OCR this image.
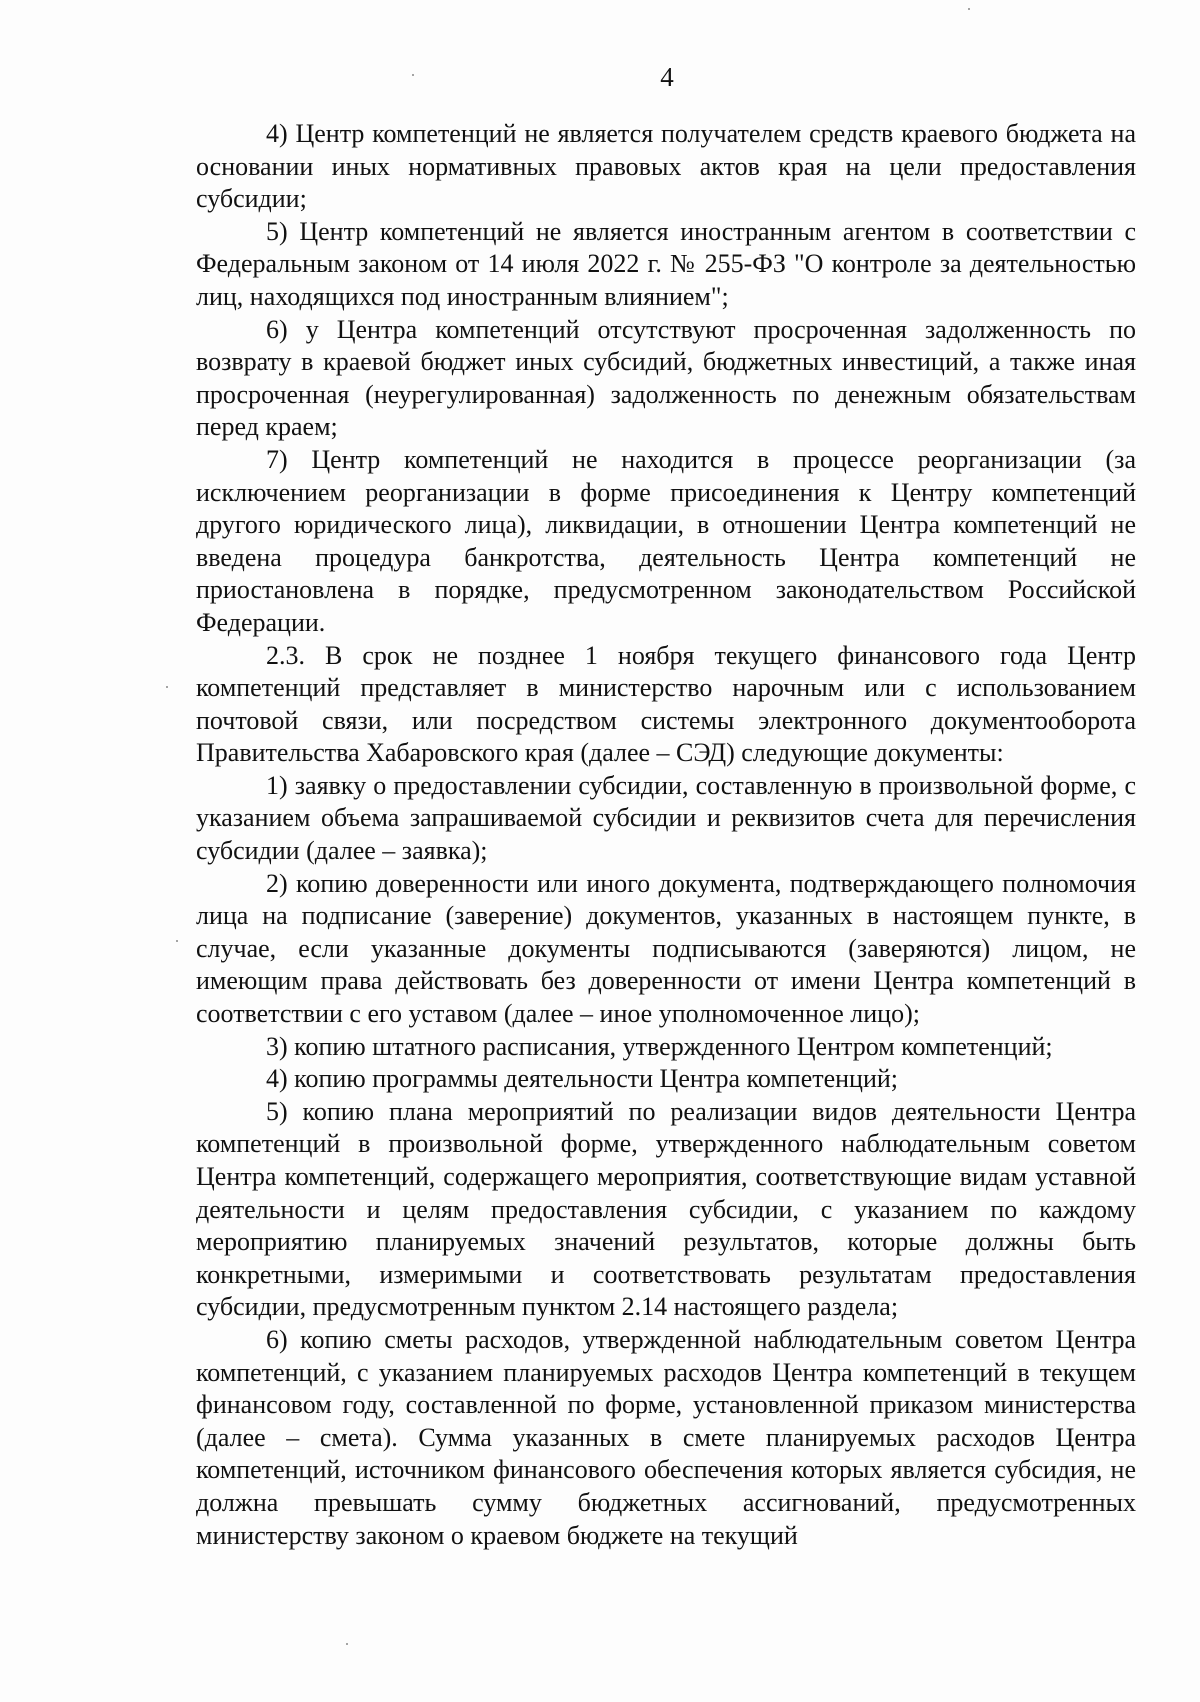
4

4) Центр компетенций не является получателем средств краевого бюджета на основании иных нормативных правовых актов края на цели предоставления субсидии;

5) Центр компетенций не является иностранным агентом в соответствии с Федеральным законом от 14 июля 2022 г. № 255-ФЗ "О контроле за деятельностью лиц, находящихся под иностранным влиянием";

6) у Центра компетенций отсутствуют просроченная задолженность по возврату в краевой бюджет иных субсидий, бюджетных инвестиций, а также иная просроченная (неурегулированная) задолженность по денежным обязательствам перед краем;

7) Центр компетенций не находится в процессе реорганизации (за исключением реорганизации в форме присоединения к Центру компетенций другого юридического лица), ликвидации, в отношении Центра компетенций не введена процедура банкротства, деятельность Центра компетенций не приостановлена в порядке, предусмотренном законодательством Российской Федерации.

2.3. В срок не позднее 1 ноября текущего финансового года Центр компетенций представляет в министерство нарочным или с использованием почтовой связи, или посредством системы электронного документооборота Правительства Хабаровского края (далее – СЭД) следующие документы:

1) заявку о предоставлении субсидии, составленную в произвольной форме, с указанием объема запрашиваемой субсидии и реквизитов счета для перечисления субсидии (далее – заявка);

2) копию доверенности или иного документа, подтверждающего полномочия лица на подписание (заверение) документов, указанных в настоящем пункте, в случае, если указанные документы подписываются (заверяются) лицом, не имеющим права действовать без доверенности от имени Центра компетенций в соответствии с его уставом (далее – иное уполномоченное лицо);

3) копию штатного расписания, утвержденного Центром компетенций;

4) копию программы деятельности Центра компетенций;

5) копию плана мероприятий по реализации видов деятельности Центра компетенций в произвольной форме, утвержденного наблюдательным советом Центра компетенций, содержащего мероприятия, соответствующие видам уставной деятельности и целям предоставления субсидии, с указанием по каждому мероприятию планируемых значений результатов, которые должны быть конкретными, измеримыми и соответствовать результатам предоставления субсидии, предусмотренным пунктом 2.14 настоящего раздела;

6) копию сметы расходов, утвержденной наблюдательным советом Центра компетенций, с указанием планируемых расходов Центра компетенций в текущем финансовом году, составленной по форме, установленной приказом министерства (далее – смета). Сумма указанных в смете планируемых расходов Центра компетенций, источником финансового обеспечения которых является субсидия, не должна превышать сумму бюджетных ассигнований, предусмотренных министерству законом о краевом бюджете на текущий
